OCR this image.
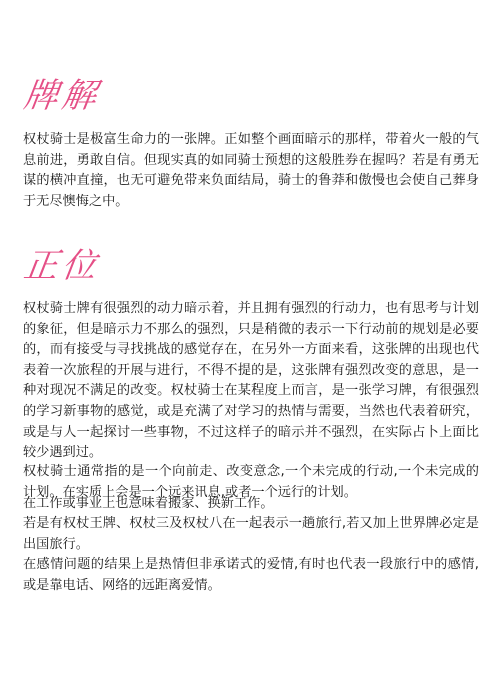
牌解
权杖骑士是极富生命力的一张牌。正如整个画面暗示的那样，带着火一般的气息前进，勇敢自信。但现实真的如同骑士预想的这般胜券在握吗？若是有勇无谋的横冲直撞，也无可避免带来负面结局，骑士的鲁莽和傲慢也会使自己葬身于无尽懊悔之中。
正位
权杖骑士牌有很强烈的动力暗示着，并且拥有强烈的行动力，也有思考与计划的象征，但是暗示力不那么的强烈，只是稍微的表示一下行动前的规划是必要的，而有接受与寻找挑战的感觉存在，在另外一方面来看，这张牌的出现也代表着一次旅程的开展与进行，不得不提的是，这张牌有强烈改变的意思，是一种对现况不满足的改变。权杖骑士在某程度上而言，是一张学习牌，有很强烈的学习新事物的感觉，或是充满了对学习的热情与需要，当然也代表着研究，或是与人一起探讨一些事物，不过这样子的暗示并不强烈，在实际占卜上面比较少遇到过。
权杖骑士通常指的是一个向前走、改变意念,一个未完成的行动,一个未完成的计划。在实质上会是一个远来讯息,或者一个远行的计划。
在工作或事业上也意味着搬家、换新工作。
若是有权杖王牌、权杖三及权杖八在一起表示一趟旅行,若又加上世界牌必定是出国旅行。
在感情问题的结果上是热情但非承诺式的爱情,有时也代表一段旅行中的感情,或是靠电话、网络的远距离爱情。
